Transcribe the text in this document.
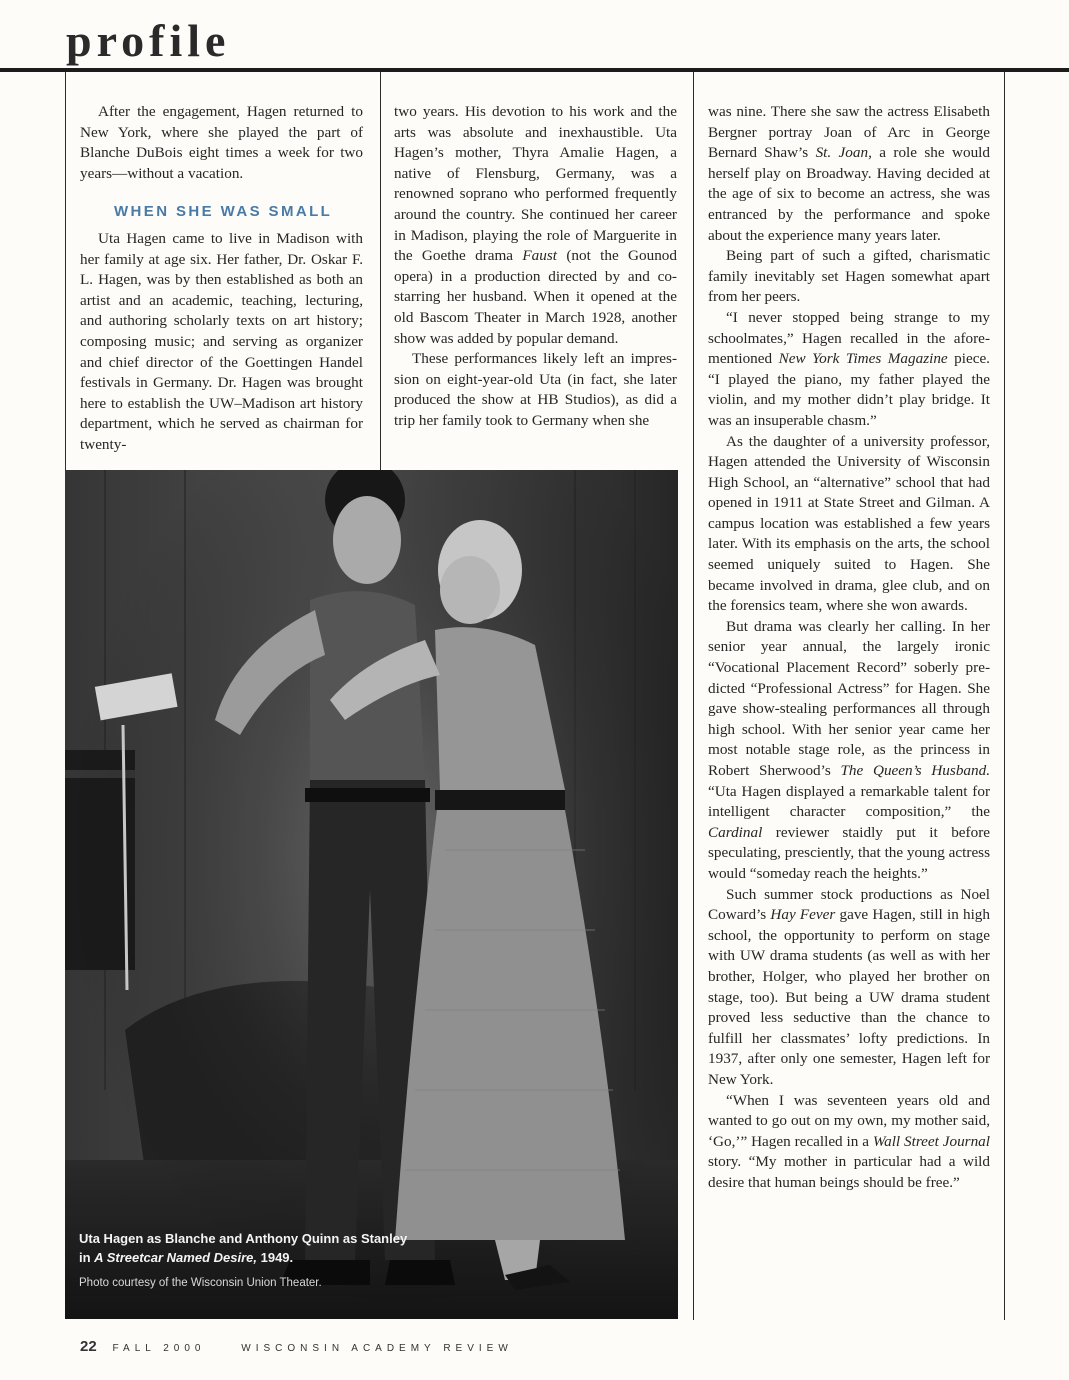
profile

After the engagement, Hagen returned to New York, where she played the part of Blanche DuBois eight times a week for two years—without a vacation.

WHEN SHE WAS SMALL

Uta Hagen came to live in Madison with her family at age six. Her father, Dr. Oskar F. L. Hagen, was by then established as both an artist and an academic, teaching, lecturing, and authoring scholarly texts on art history; composing music; and serving as organizer and chief director of the Goettingen Handel festivals in Germany. Dr. Hagen was brought here to establish the UW–Madison art history department, which he served as chairman for twenty-

two years. His devotion to his work and the arts was absolute and inexhaustible. Uta Hagen’s mother, Thyra Amalie Hagen, a native of Flensburg, Germany, was a renowned soprano who performed frequently around the country. She continued her career in Madison, playing the role of Marguerite in the Goethe drama Faust (not the Gounod opera) in a production directed by and co-starring her husband. When it opened at the old Bascom Theater in March 1928, another show was added by popular demand.

These performances likely left an impression on eight-year-old Uta (in fact, she later produced the show at HB Studios), as did a trip her family took to Germany when she

was nine. There she saw the actress Elisabeth Bergner portray Joan of Arc in George Bernard Shaw’s St. Joan, a role she would herself play on Broadway. Having decided at the age of six to become an actress, she was entranced by the performance and spoke about the experience many years later.

Being part of such a gifted, charismatic family inevitably set Hagen somewhat apart from her peers.

“I never stopped being strange to my schoolmates,” Hagen recalled in the aforementioned New York Times Magazine piece. “I played the piano, my father played the violin, and my mother didn’t play bridge. It was an insuperable chasm.”

As the daughter of a university professor, Hagen attended the University of Wisconsin High School, an “alternative” school that had opened in 1911 at State Street and Gilman. A campus location was established a few years later. With its emphasis on the arts, the school seemed uniquely suited to Hagen. She became involved in drama, glee club, and on the forensics team, where she won awards.

But drama was clearly her calling. In her senior year annual, the largely ironic “Vocational Placement Record” soberly predicted “Professional Actress” for Hagen. She gave show-stealing performances all through high school. With her senior year came her most notable stage role, as the princess in Robert Sherwood’s The Queen’s Husband. “Uta Hagen displayed a remarkable talent for intelligent character composition,” the Cardinal reviewer staidly put it before speculating, presciently, that the young actress would “someday reach the heights.”

Such summer stock productions as Noel Coward’s Hay Fever gave Hagen, still in high school, the opportunity to perform on stage with UW drama students (as well as with her brother, Holger, who played her brother on stage, too). But being a UW drama student proved less seductive than the chance to fulfill her classmates’ lofty predictions. In 1937, after only one semester, Hagen left for New York.

“When I was seventeen years old and wanted to go out on my own, my mother said, ‘Go,’” Hagen recalled in a Wall Street Journal story. “My mother in particular had a wild desire that human beings should be free.”

Uta Hagen as Blanche and Anthony Quinn as Stanley in A Streetcar Named Desire, 1949.

Photo courtesy of the Wisconsin Union Theater.

22 FALL 2000	WISCONSIN ACADEMY REVIEW
